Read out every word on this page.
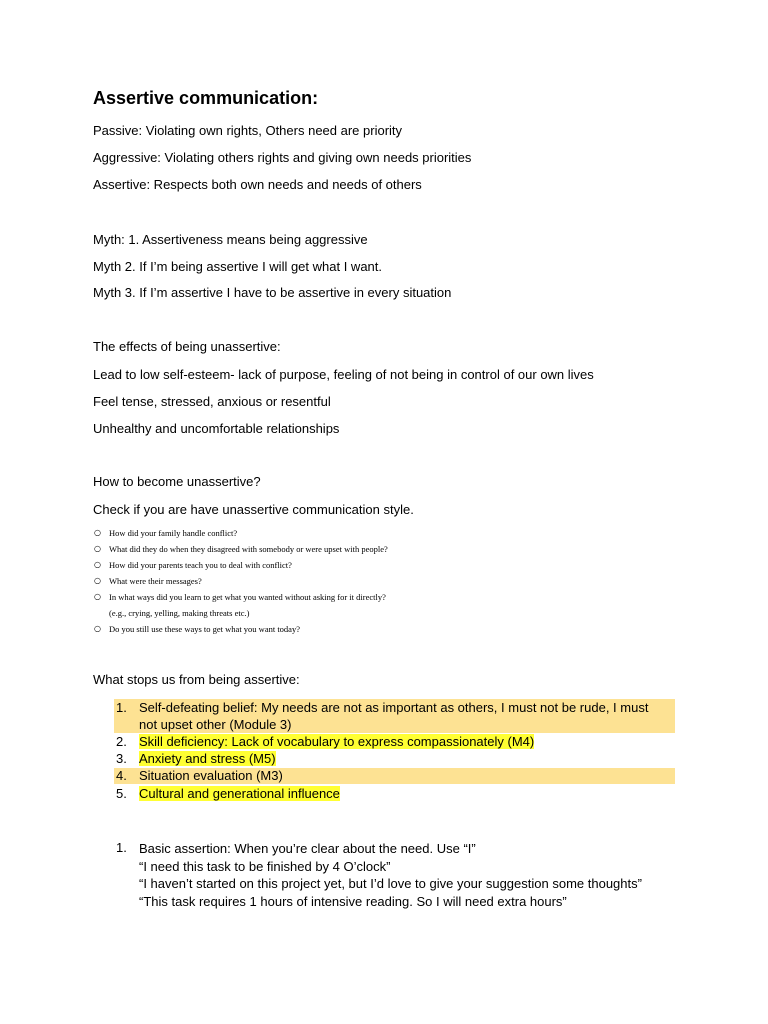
Assertive communication:
Passive: Violating own rights, Others need are priority
Aggressive: Violating others rights and giving own needs priorities
Assertive: Respects both own needs and needs of others
Myth: 1. Assertiveness means being aggressive
Myth 2. If I’m being assertive I will get what I want.
Myth 3. If I’m assertive I have to be assertive in every situation
The effects of being unassertive:
Lead to low self-esteem- lack of purpose, feeling of not being in control of our own lives
Feel tense, stressed, anxious or resentful
Unhealthy and uncomfortable relationships
How to become unassertive?
Check if you are have unassertive communication style.
○ How did your family handle conflict?
○ What did they do when they disagreed with somebody or were upset with people?
○ How did your parents teach you to deal with conflict?
○ What were their messages?
○ In what ways did you learn to get what you wanted without asking for it directly?
(e.g., crying, yelling, making threats etc.)
○ Do you still use these ways to get what you want today?
What stops us from being assertive:
1. Self-defeating belief: My needs are not as important as others, I must not be rude, I must
not upset other (Module 3)
2. Skill deficiency: Lack of vocabulary to express compassionately (M4)
3. Anxiety and stress (M5)
4. Situation evaluation (M3)
5. Cultural and generational influence
1. Basic assertion: When you’re clear about the need. Use “I”
“I need this task to be finished by 4 O’clock”
“I haven’t started on this project yet, but I’d love to give your suggestion some thoughts”
“This task requires 1 hours of intensive reading. So I will need extra hours”
